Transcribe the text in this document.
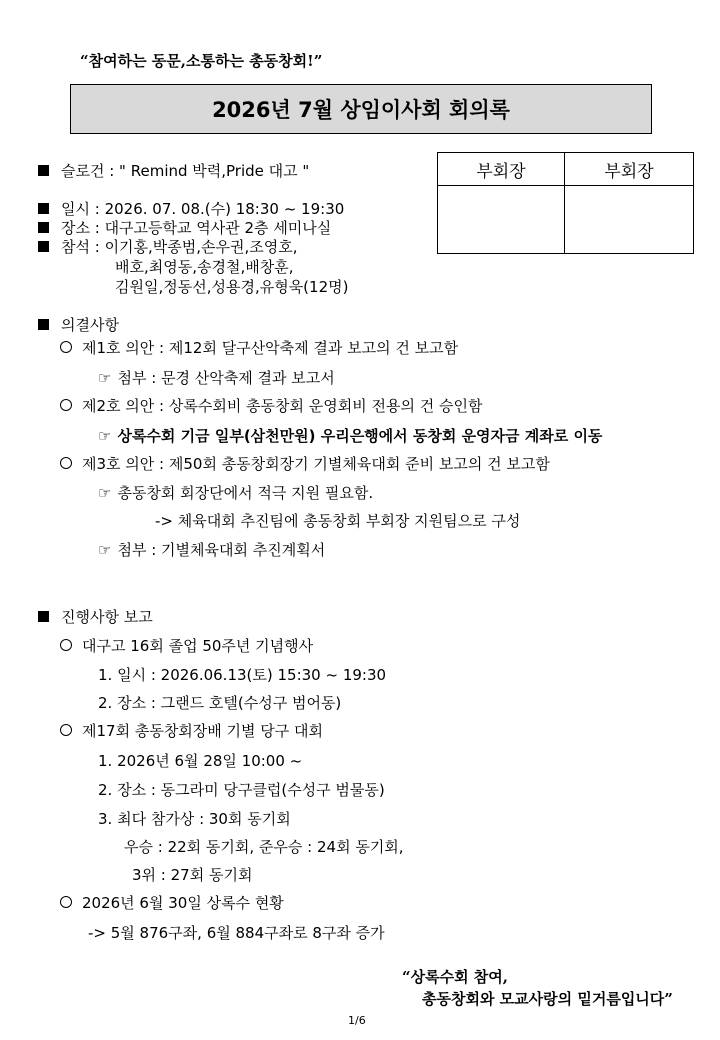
“참여하는 동문,소통하는 총동창회!”
2026년 7월 상임이사회 회의록
부회장	부회장
슬로건 : " Remind 박력,Pride 대고 "
일시 : 2026. 07. 08.(수) 18:30 ~ 19:30
장소 : 대구고등학교 역사관 2층 세미나실
참석 : 이기홍,박종범,손우권,조영호,
배호,최영동,송경철,배창훈,
김원일,정동선,성용경,유형욱(12명)
의결사항
제1호 의안 : 제12회 달구산악축제 결과 보고의 건 보고함
☞ 첨부 : 문경 산악축제 결과 보고서
제2호 의안 : 상록수회비 총동창회 운영회비 전용의 건 승인함
☞ 상록수회 기금 일부(삼천만원) 우리은행에서 동창회 운영자금 계좌로 이동
제3호 의안 : 제50회 총동창회장기 기별체육대회 준비 보고의 건 보고함
☞ 총동창회 회장단에서 적극 지원 필요함.
-> 체육대회 추진팀에 총동창회 부회장 지원팀으로 구성
☞ 첨부 : 기별체육대회 추진계획서
진행사항 보고
대구고 16회 졸업 50주년 기념행사
1. 일시 : 2026.06.13(토) 15:30 ~ 19:30
2. 장소 : 그랜드 호텔(수성구 범어동)
제17회 총동창회장배 기별 당구 대회
1. 2026년 6월 28일 10:00 ~
2. 장소 : 동그라미 당구클럽(수성구 범물동)
3. 최다 참가상 : 30회 동기회
우승 : 22회 동기회, 준우승 : 24회 동기회,
3위 : 27회 동기회
2026년 6월 30일 상록수 현황
-> 5월 876구좌, 6월 884구좌로 8구좌 증가
“상록수회 참여,
총동창회와 모교사랑의 밑거름입니다”
1/6
